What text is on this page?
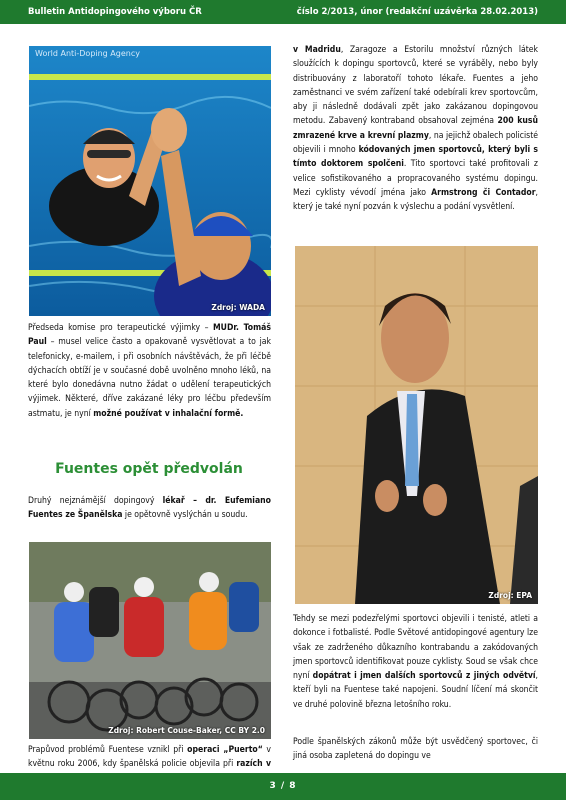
Bulletin Antidopingového výboru ČR	číslo 2/2013, únor (redakční uzávěrka 28.02.2013)
World Anti-Doping Agency
Zdroj: WADA

Předseda komise pro terapeutické výjimky – MUDr. Tomáš Paul – musel velice často a opakovaně vysvětlovat a to jak telefonicky, e-mailem, i při osobních návštěvách, že při léčbě dýchacích obtíží je v současné době uvolněno mnoho léků, na které bylo donedávna nutno žádat o udělení terapeutických výjimek. Některé, dříve zakázané léky pro léčbu především astmatu, je nyní možné používat v inhalační formě.

Fuentes opět předvolán

Druhý nejznámější dopingový lékař – dr. Eufemiano Fuentes ze Španělska je opětovně vyslýchán u soudu.

Zdroj: Robert Couse-Baker, CC BY 2.0

Prapůvod problémů Fuentese vznikl při operaci „Puerto“ v květnu roku 2006, kdy španělská policie objevila při razích v

v Madridu, Zaragoze a Estorilu množství různých látek sloužících k dopingu sportovců, které se vyráběly, nebo byly distribuovány z laboratoří tohoto lékaře. Fuentes a jeho zaměstnanci ve svém zařízení také odebírali krev sportovcům, aby ji následně dodávali zpět jako zakázanou dopingovou metodu. Zabavený kontraband obsahoval zejména 200 kusů zmrazené krve a krevní plazmy, na jejichž obalech policisté objevili i mnoho kódovaných jmen sportovců, který byli s tímto doktorem spolčeni. Tito sportovci také profitovali z velice sofistikovaného a propracovaného systému dopingu. Mezi cyklisty vévodí jména jako Armstrong či Contador, který je také nyní pozván k výslechu a podání vysvětlení.

Zdroj: EPA

Tehdy se mezi podezřelými sportovci objevili i tenisté, atleti a dokonce i fotbalisté. Podle Světové antidopingové agentury lze však ze zadrženého důkazního kontrabandu a zakódovaných jmen sportovců identifikovat pouze cyklisty. Soud se však chce nyní dopátrat i jmen dalších sportovců z jiných odvětví, kteří byli na Fuentese také napojeni. Soudní líčení má skončit ve druhé polovině března letošního roku.

Podle španělských zákonů může být usvědčený sportovec, či jiná osoba zapletená do dopingu ve

3 / 8
